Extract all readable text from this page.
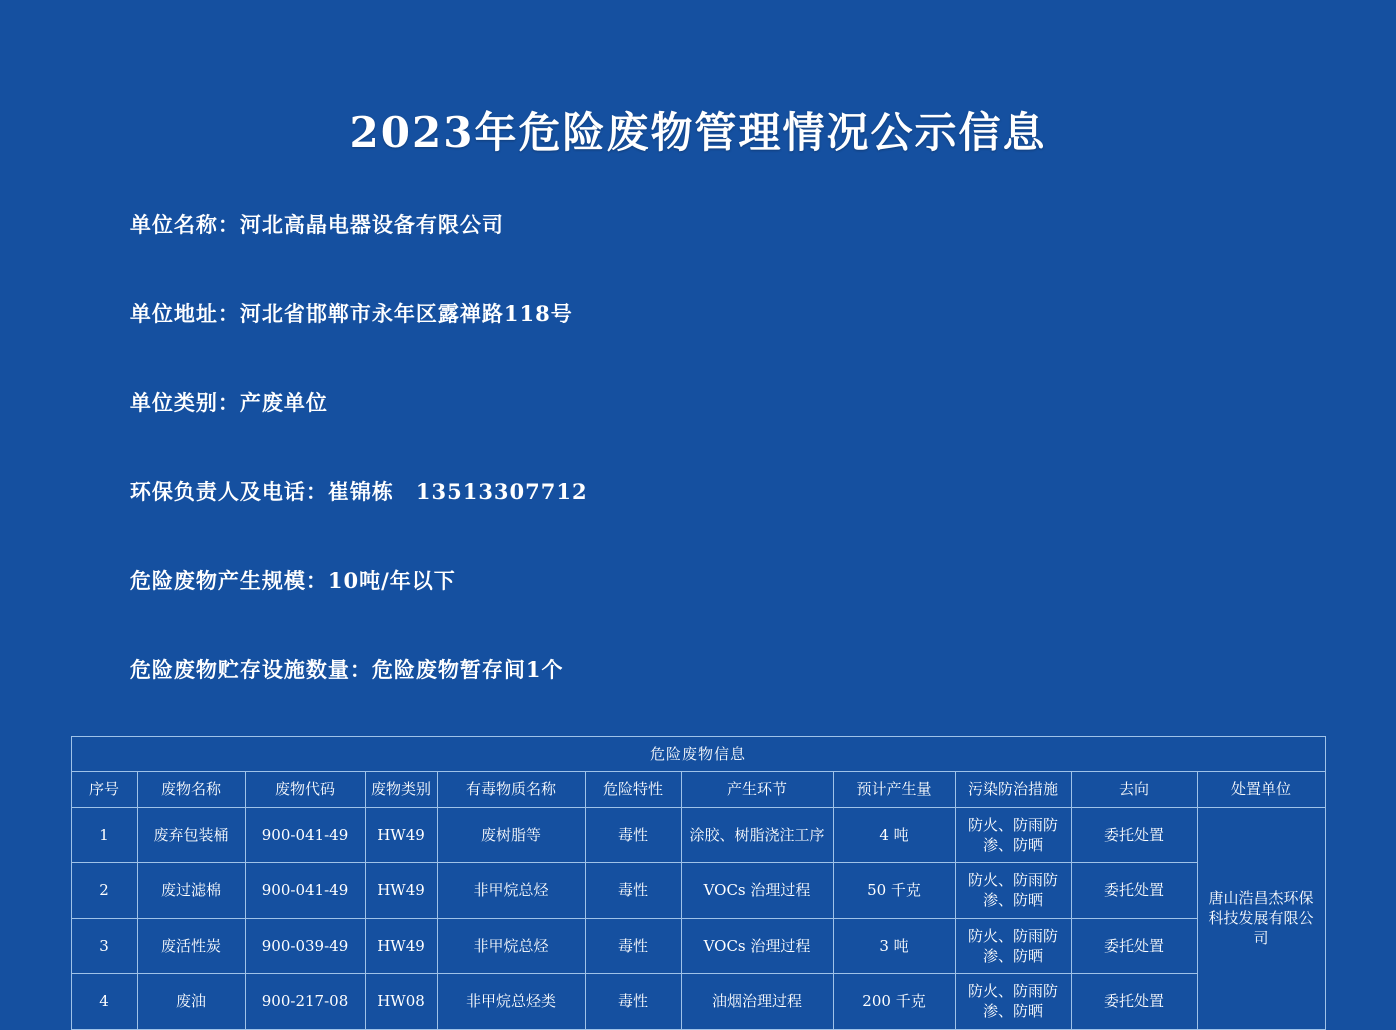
2023年危险废物管理情况公示信息

单位名称：河北高晶电器设备有限公司

单位地址：河北省邯郸市永年区露禅路118号

单位类别：产废单位

环保负责人及电话：崔锦栋　13513307712

危险废物产生规模：10吨/年以下

危险废物贮存设施数量：危险废物暂存间1个

危险废物信息										
序号	废物名称	废物代码	废物类别	有毒物质名称	危险特性	产生环节	预计产生量	污染防治措施	去向	处置单位
1	废弃包装桶	900-041-49	HW49	废树脂等	毒性	涂胶、树脂浇注工序	4 吨	防火、防雨防渗、防晒	委托处置	唐山浩昌杰环保科技发展有限公司
2	废过滤棉	900-041-49	HW49	非甲烷总烃	毒性	VOCs 治理过程	50 千克	防火、防雨防渗、防晒	委托处置	
3	废活性炭	900-039-49	HW49	非甲烷总烃	毒性	VOCs 治理过程	3 吨	防火、防雨防渗、防晒	委托处置	
4	废油	900-217-08	HW08	非甲烷总烃类	毒性	油烟治理过程	200 千克	防火、防雨防渗、防晒	委托处置	
